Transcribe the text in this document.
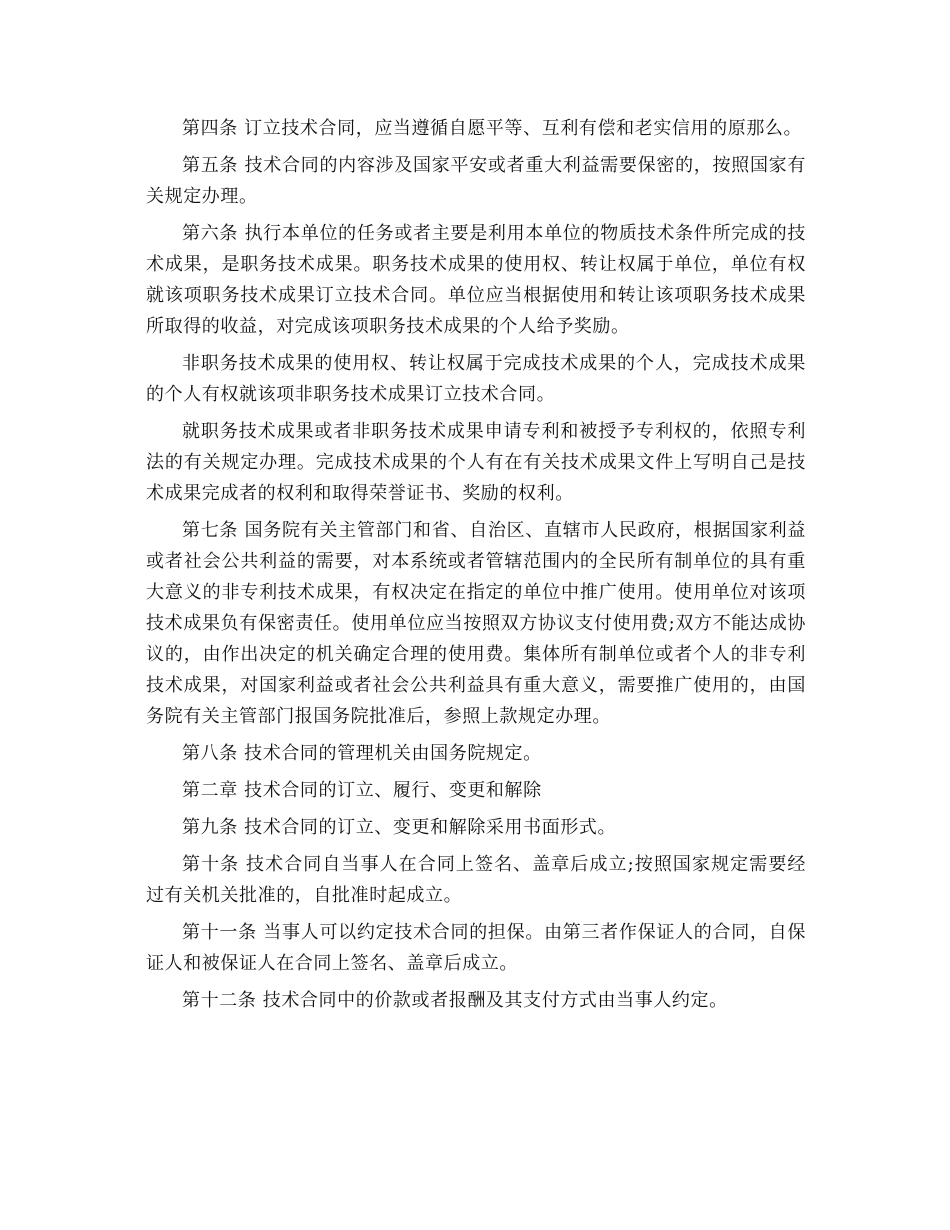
第四条 订立技术合同，应当遵循自愿平等、互利有偿和老实信用的原那么。

第五条 技术合同的内容涉及国家平安或者重大利益需要保密的，按照国家有关规定办理。

第六条 执行本单位的任务或者主要是利用本单位的物质技术条件所完成的技术成果，是职务技术成果。职务技术成果的使用权、转让权属于单位，单位有权就该项职务技术成果订立技术合同。单位应当根据使用和转让该项职务技术成果所取得的收益，对完成该项职务技术成果的个人给予奖励。

非职务技术成果的使用权、转让权属于完成技术成果的个人，完成技术成果的个人有权就该项非职务技术成果订立技术合同。

就职务技术成果或者非职务技术成果申请专利和被授予专利权的，依照专利法的有关规定办理。完成技术成果的个人有在有关技术成果文件上写明自己是技术成果完成者的权利和取得荣誉证书、奖励的权利。

第七条 国务院有关主管部门和省、自治区、直辖市人民政府，根据国家利益或者社会公共利益的需要，对本系统或者管辖范围内的全民所有制单位的具有重大意义的非专利技术成果，有权决定在指定的单位中推广使用。使用单位对该项技术成果负有保密责任。使用单位应当按照双方协议支付使用费;双方不能达成协议的，由作出决定的机关确定合理的使用费。集体所有制单位或者个人的非专利技术成果，对国家利益或者社会公共利益具有重大意义，需要推广使用的，由国务院有关主管部门报国务院批准后，参照上款规定办理。

第八条 技术合同的管理机关由国务院规定。

第二章 技术合同的订立、履行、变更和解除

第九条 技术合同的订立、变更和解除采用书面形式。

第十条 技术合同自当事人在合同上签名、盖章后成立;按照国家规定需要经过有关机关批准的，自批准时起成立。

第十一条 当事人可以约定技术合同的担保。由第三者作保证人的合同，自保证人和被保证人在合同上签名、盖章后成立。

第十二条 技术合同中的价款或者报酬及其支付方式由当事人约定。
